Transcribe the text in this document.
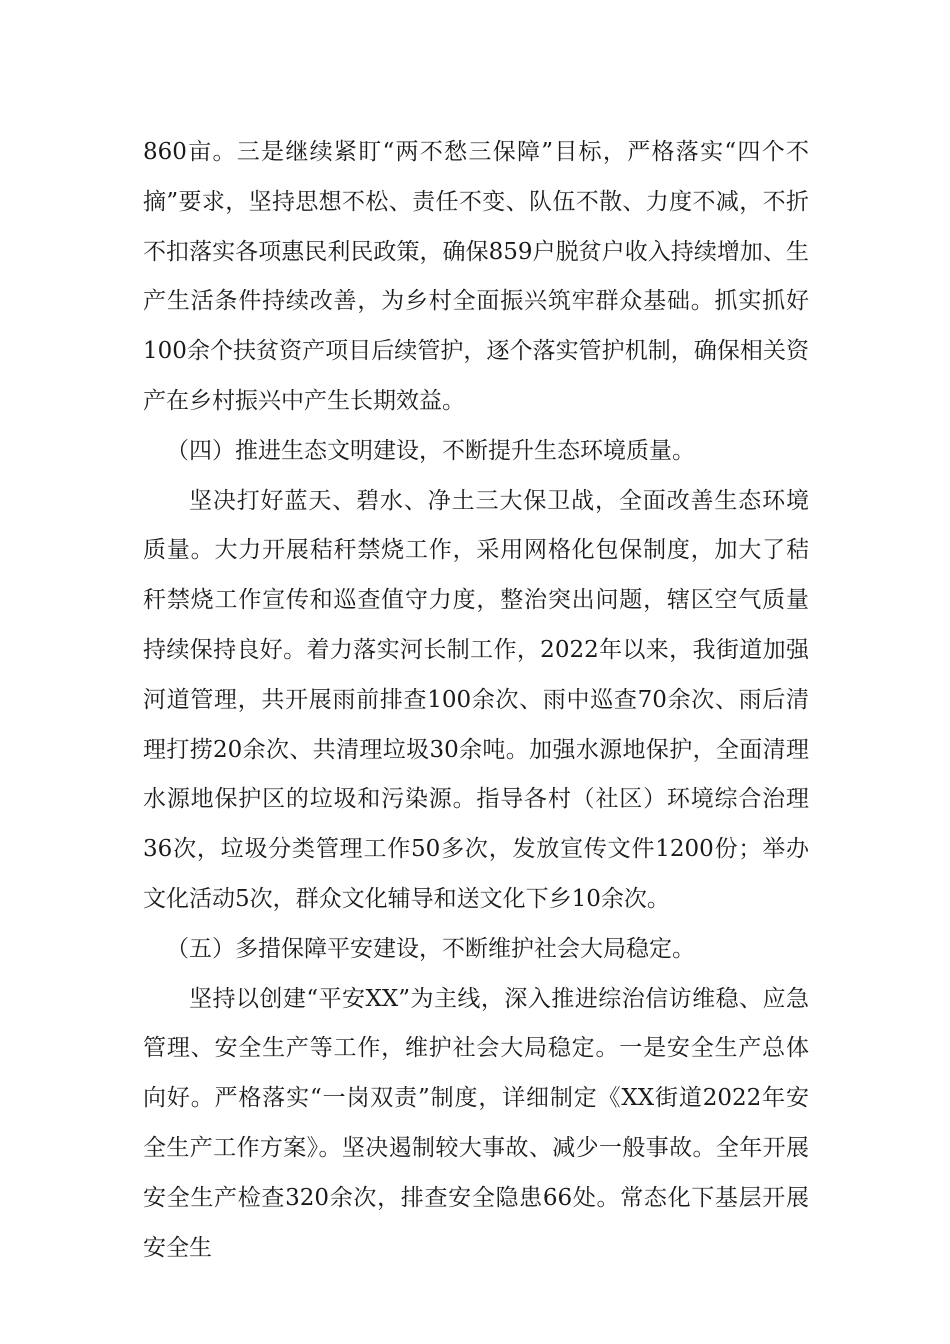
860亩。三是继续紧盯“两不愁三保障”目标，严格落实“四个不摘”要求，坚持思想不松、责任不变、队伍不散、力度不减，不折不扣落实各项惠民利民政策，确保859户脱贫户收入持续增加、生产生活条件持续改善，为乡村全面振兴筑牢群众基础。抓实抓好100余个扶贫资产项目后续管护，逐个落实管护机制，确保相关资产在乡村振兴中产生长期效益。

（四）推进生态文明建设，不断提升生态环境质量。

坚决打好蓝天、碧水、净土三大保卫战，全面改善生态环境质量。大力开展秸秆禁烧工作，采用网格化包保制度，加大了秸秆禁烧工作宣传和巡查值守力度，整治突出问题，辖区空气质量持续保持良好。着力落实河长制工作，2022年以来，我街道加强河道管理，共开展雨前排查100余次、雨中巡查70余次、雨后清理打捞20余次、共清理垃圾30余吨。加强水源地保护，全面清理水源地保护区的垃圾和污染源。指导各村（社区）环境综合治理36次，垃圾分类管理工作50多次，发放宣传文件1200份；举办文化活动5次，群众文化辅导和送文化下乡10余次。

（五）多措保障平安建设，不断维护社会大局稳定。

坚持以创建“平安XX”为主线，深入推进综治信访维稳、应急管理、安全生产等工作，维护社会大局稳定。一是安全生产总体向好。严格落实“一岗双责”制度，详细制定《XX街道2022年安全生产工作方案》。坚决遏制较大事故、减少一般事故。全年开展安全生产检查320余次，排查安全隐患66处。常态化下基层开展安全生
